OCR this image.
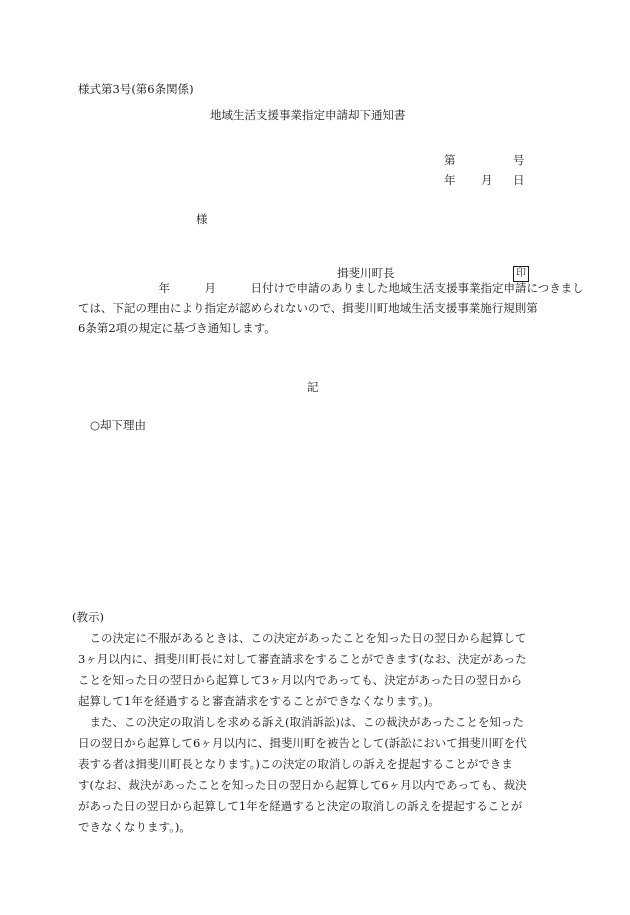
様式第3号(第6条関係)
地域生活支援事業指定申請却下通知書
第	号
年 月 日
様
揖斐川町長	印

　　　　　　　年　　　月　　　日付けで申請のありました地域生活支援事業指定申請につきまし

ては、下記の理由により指定が認められないので、揖斐川町地域生活支援事業施行規則第

6条第2項の規定に基づき通知します。

記
○却下理由

(教示)

この決定に不服があるときは、この決定があったことを知った日の翌日から起算して

3ヶ月以内に、揖斐川町長に対して審査請求をすることができます(なお、決定があった

ことを知った日の翌日から起算して3ヶ月以内であっても、決定があった日の翌日から

起算して1年を経過すると審査請求をすることができなくなります。)。

また、この決定の取消しを求める訴え(取消訴訟)は、この裁決があったことを知った

日の翌日から起算して6ヶ月以内に、揖斐川町を被告として(訴訟において揖斐川町を代

表する者は揖斐川町長となります。)この決定の取消しの訴えを提起することができま

す(なお、裁決があったことを知った日の翌日から起算して6ヶ月以内であっても、裁決

があった日の翌日から起算して1年を経過すると決定の取消しの訴えを提起することが

できなくなります。)。
